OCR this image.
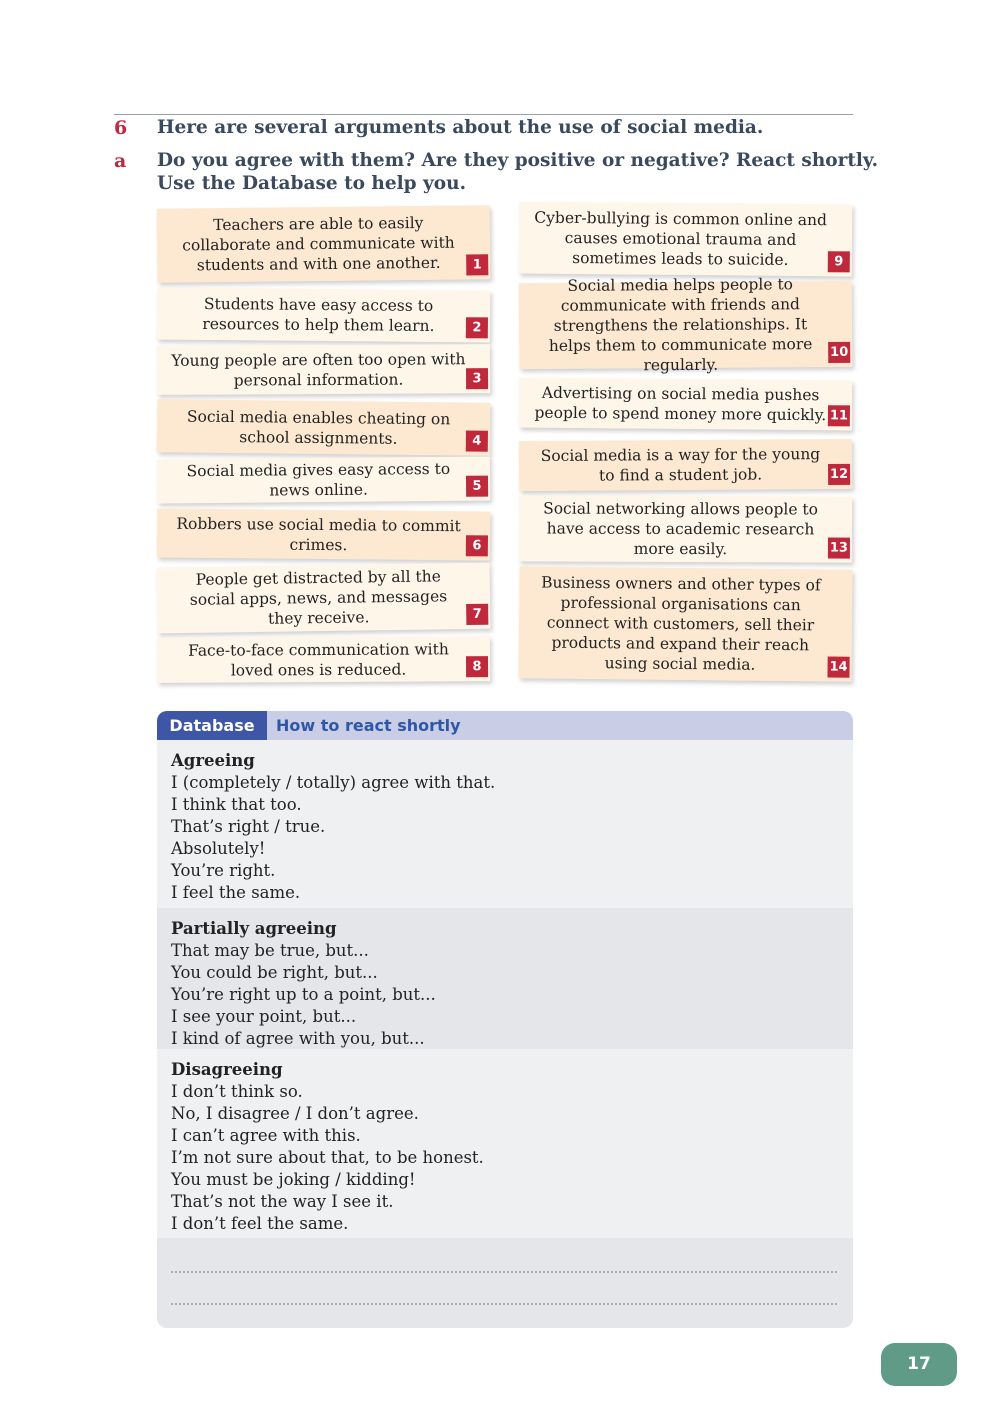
6 Here are several arguments about the use of social media.
a Do you agree with them? Are they positive or negative? React shortly.
Use the Database to help you.
Teachers are able to easily collaborate and communicate with students and with one another.	1
Students have easy access to resources to help them learn.	2
Young people are often too open with personal information.	3
Social media enables cheating on school assignments.	4
Social media gives easy access to news online.	5
Robbers use social media to commit crimes.	6
People get distracted by all the social apps, news, and messages they receive.	7
Face-to-face communication with loved ones is reduced.	8
Cyber-bullying is common online and causes emotional trauma and sometimes leads to suicide.	9
Social media helps people to communicate with friends and strengthens the relationships. It helps them to communicate more regularly.
10
Advertising on social media pushes people to spend money more quickly. 11
Social media is a way for the young to find a student job.	12
Social networking allows people to have access to academic research more easily.	13
Business owners and other types of professional organisations can connect with customers, sell their products and expand their reach using social media.	14
Database	How to react shortly
Agreeing
I (completely / totally) agree with that.
I think that too.
That’s right / true.
Absolutely!
You’re right.
I feel the same.
Partially agreeing
That may be true, but...
You could be right, but...
You’re right up to a point, but...
I see your point, but...
I kind of agree with you, but...
Disagreeing
I don’t think so.
No, I disagree / I don’t agree.
I can’t agree with this.
I’m not sure about that, to be honest.
You must be joking / kidding!
That’s not the way I see it.
I don’t feel the same.
17
